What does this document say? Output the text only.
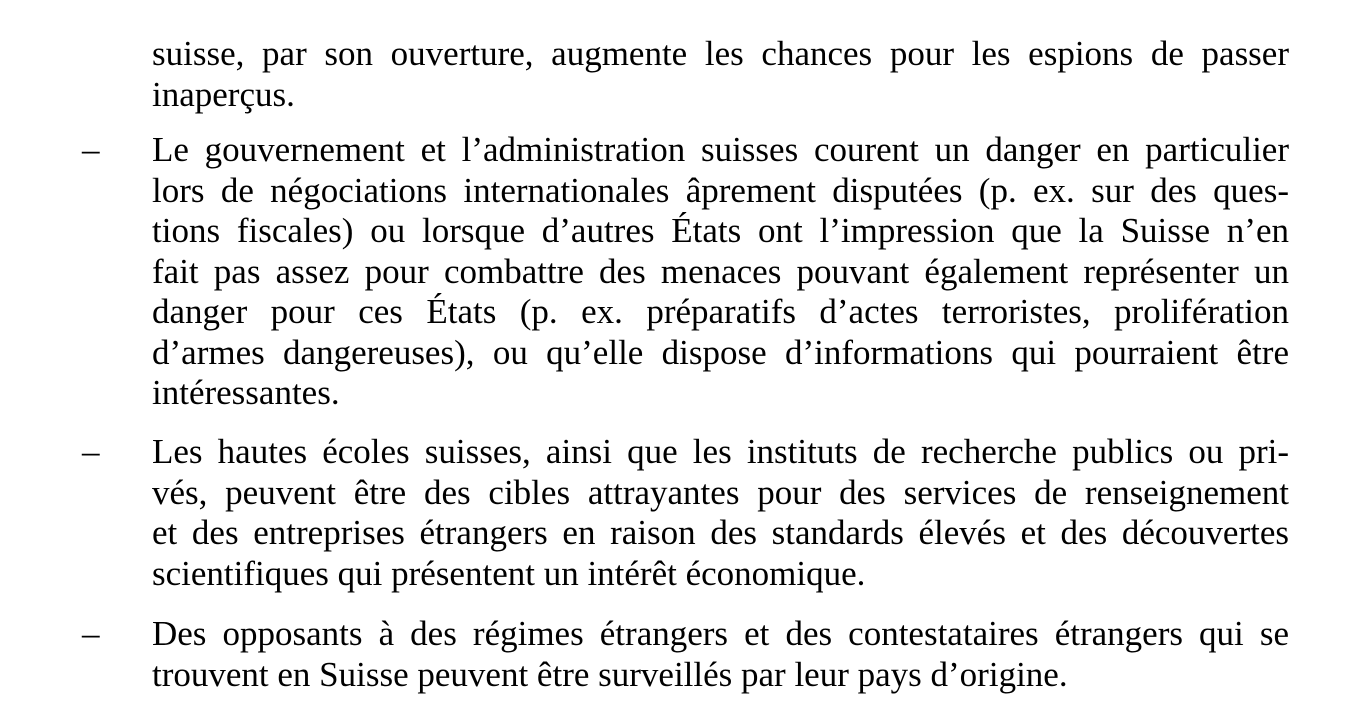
suisse, par son ouverture, augmente les chances pour les espions de passer
inaperçus.
–	Le gouvernement et l’administration suisses courent un danger en particulier
lors de négociations internationales âprement disputées (p. ex. sur des ques-
tions fiscales) ou lorsque d’autres États ont l’impression que la Suisse n’en
fait pas assez pour combattre des menaces pouvant également représenter un
danger pour ces États (p. ex. préparatifs d’actes terroristes, prolifération
d’armes dangereuses), ou qu’elle dispose d’informations qui pourraient être
intéressantes.
–	Les hautes écoles suisses, ainsi que les instituts de recherche publics ou pri-
vés, peuvent être des cibles attrayantes pour des services de renseignement
et des entreprises étrangers en raison des standards élevés et des découvertes
scientifiques qui présentent un intérêt économique.
–	Des opposants à des régimes étrangers et des contestataires étrangers qui se
trouvent en Suisse peuvent être surveillés par leur pays d’origine.
